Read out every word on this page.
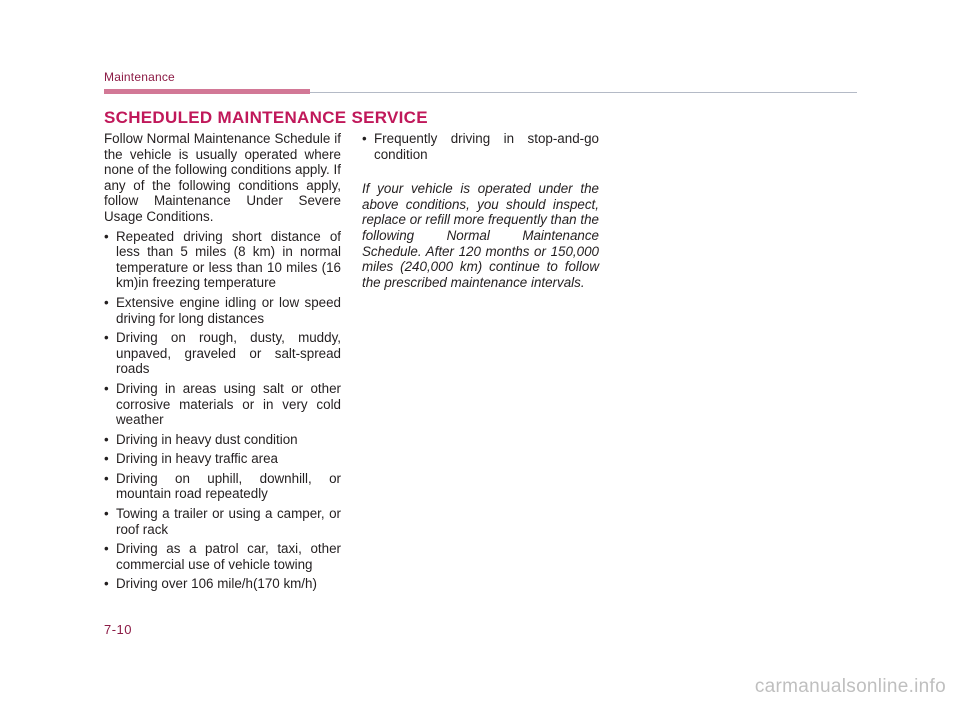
Maintenance
SCHEDULED MAINTENANCE SERVICE

Follow Normal Maintenance Schedule if the vehicle is usually operated where none of the following conditions apply. If any of the following conditions apply, follow Maintenance Under Severe Usage Conditions.

• Repeated driving short distance of less than 5 miles (8 km) in normal temperature or less than 10 miles (16 km)in freezing temperature
• Extensive engine idling or low speed driving for long distances
• Driving on rough, dusty, muddy, unpaved, graveled or salt-spread roads
• Driving in areas using salt or other corrosive materials or in very cold weather
• Driving in heavy dust condition
• Driving in heavy traffic area
• Driving on uphill, downhill, or mountain road repeatedly
• Towing a trailer or using a camper, or roof rack
• Driving as a patrol car, taxi, other commercial use of vehicle towing
• Driving over 106 mile/h(170 km/h)
• Frequently driving in stop-and-go condition

If your vehicle is operated under the above conditions, you should inspect, replace or refill more frequently than the following Normal Maintenance Schedule. After 120 months or 150,000 miles (240,000 km) continue to follow the prescribed maintenance intervals.

7-10
carmanualsonline.info
